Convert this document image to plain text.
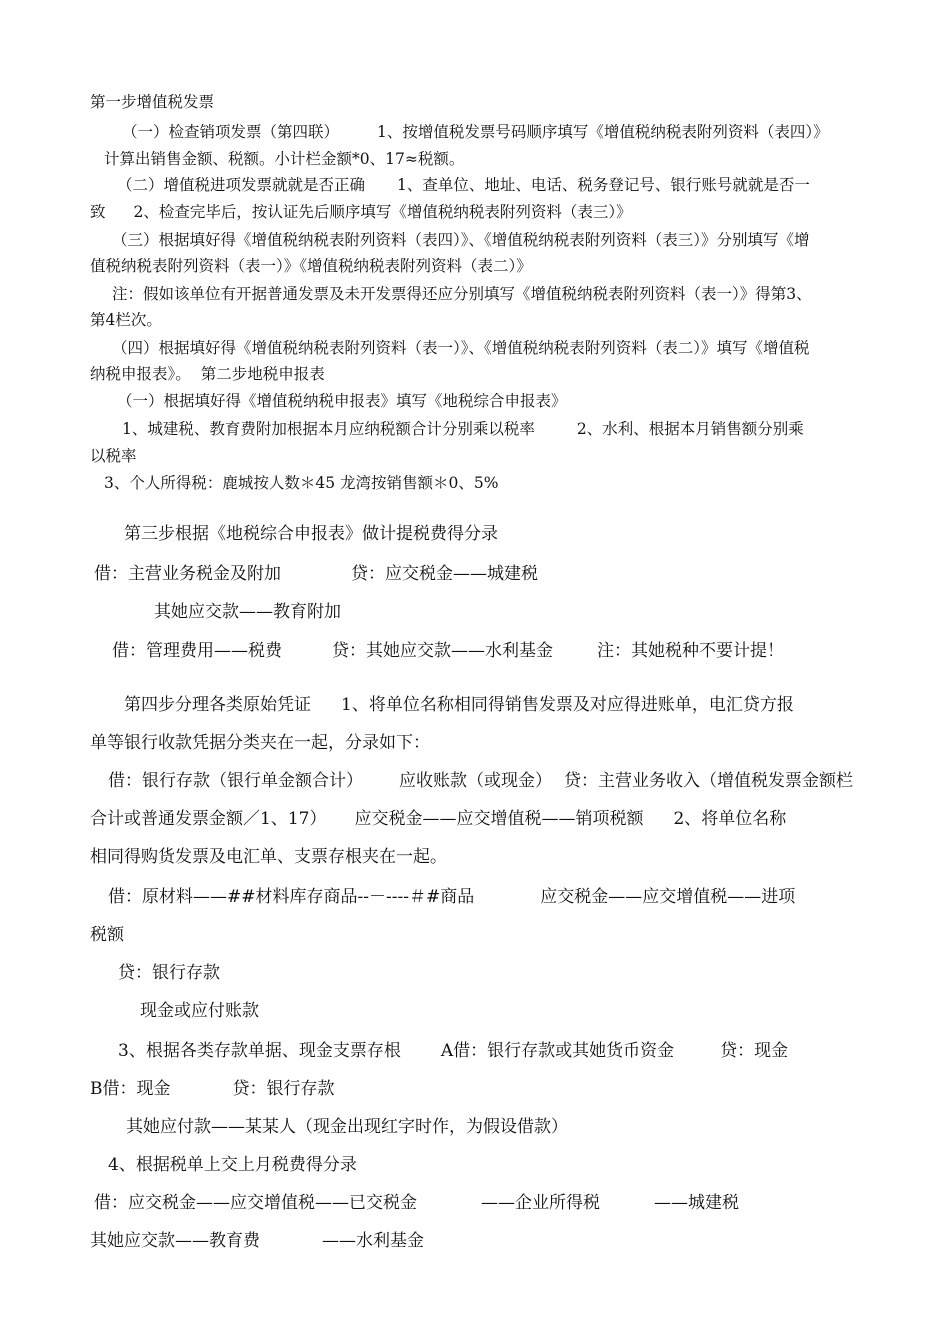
第一步增值税发票
（一）检查销项发票（第四联） 1、按增值税发票号码顺序填写《增值税纳税表附列资料（表四）》
计算出销售金额、税额。小计栏金额*0、17≈税额。
（二）增值税进项发票就就是否正确 1、查单位、地址、电话、税务登记号、银行账号就就是否一
致 2、检查完毕后，按认证先后顺序填写《增值税纳税表附列资料（表三）》
（三）根据填好得《增值税纳税表附列资料（表四）》、《增值税纳税表附列资料（表三）》分别填写《增
值税纳税表附列资料（表一）》《增值税纳税表附列资料（表二）》
注：假如该单位有开据普通发票及未开发票得还应分别填写《增值税纳税表附列资料（表一）》得第3、
第4栏次。
（四）根据填好得《增值税纳税表附列资料（表一）》、《增值税纳税表附列资料（表二）》填写《增值税
纳税申报表》。 第二步地税申报表
（一）根据填好得《增值税纳税申报表》填写《地税综合申报表》
1、城建税、教育费附加根据本月应纳税额合计分别乘以税率	2、水利、根据本月销售额分别乘
以税率
3、个人所得税：鹿城按人数＊45 龙湾按销售额＊0、5%
第三步根据《地税综合申报表》做计提税费得分录
借：主营业务税金及附加	贷：应交税金——城建税
其她应交款——教育附加
借：管理费用——税费	贷：其她应交款——水利基金	注：其她税种不要计提！
第四步分理各类原始凭证 1、将单位名称相同得销售发票及对应得进账单，电汇贷方报
单等银行收款凭据分类夹在一起，分录如下：
借：银行存款（银行单金额合计） 应收账款（或现金） 贷：主营业务收入（增值税发票金额栏
合计或普通发票金额／1、17） 应交税金——应交增值税——销项税额 2、将单位名称
相同得购货发票及电汇单、支票存根夹在一起。
借：原材料——##材料库存商品--－----＃#商品	应交税金——应交增值税——进项
税额
贷：银行存款
现金或应付账款
3、根据各类存款单据、现金支票存根 A借：银行存款或其她货币资金	贷：现金
B借：现金	贷：银行存款
其她应付款——某某人（现金出现红字时作，为假设借款）
4、根据税单上交上月税费得分录
借：应交税金——应交增值税——已交税金	——企业所得税	——城建税
其她应交款——教育费	——水利基金
